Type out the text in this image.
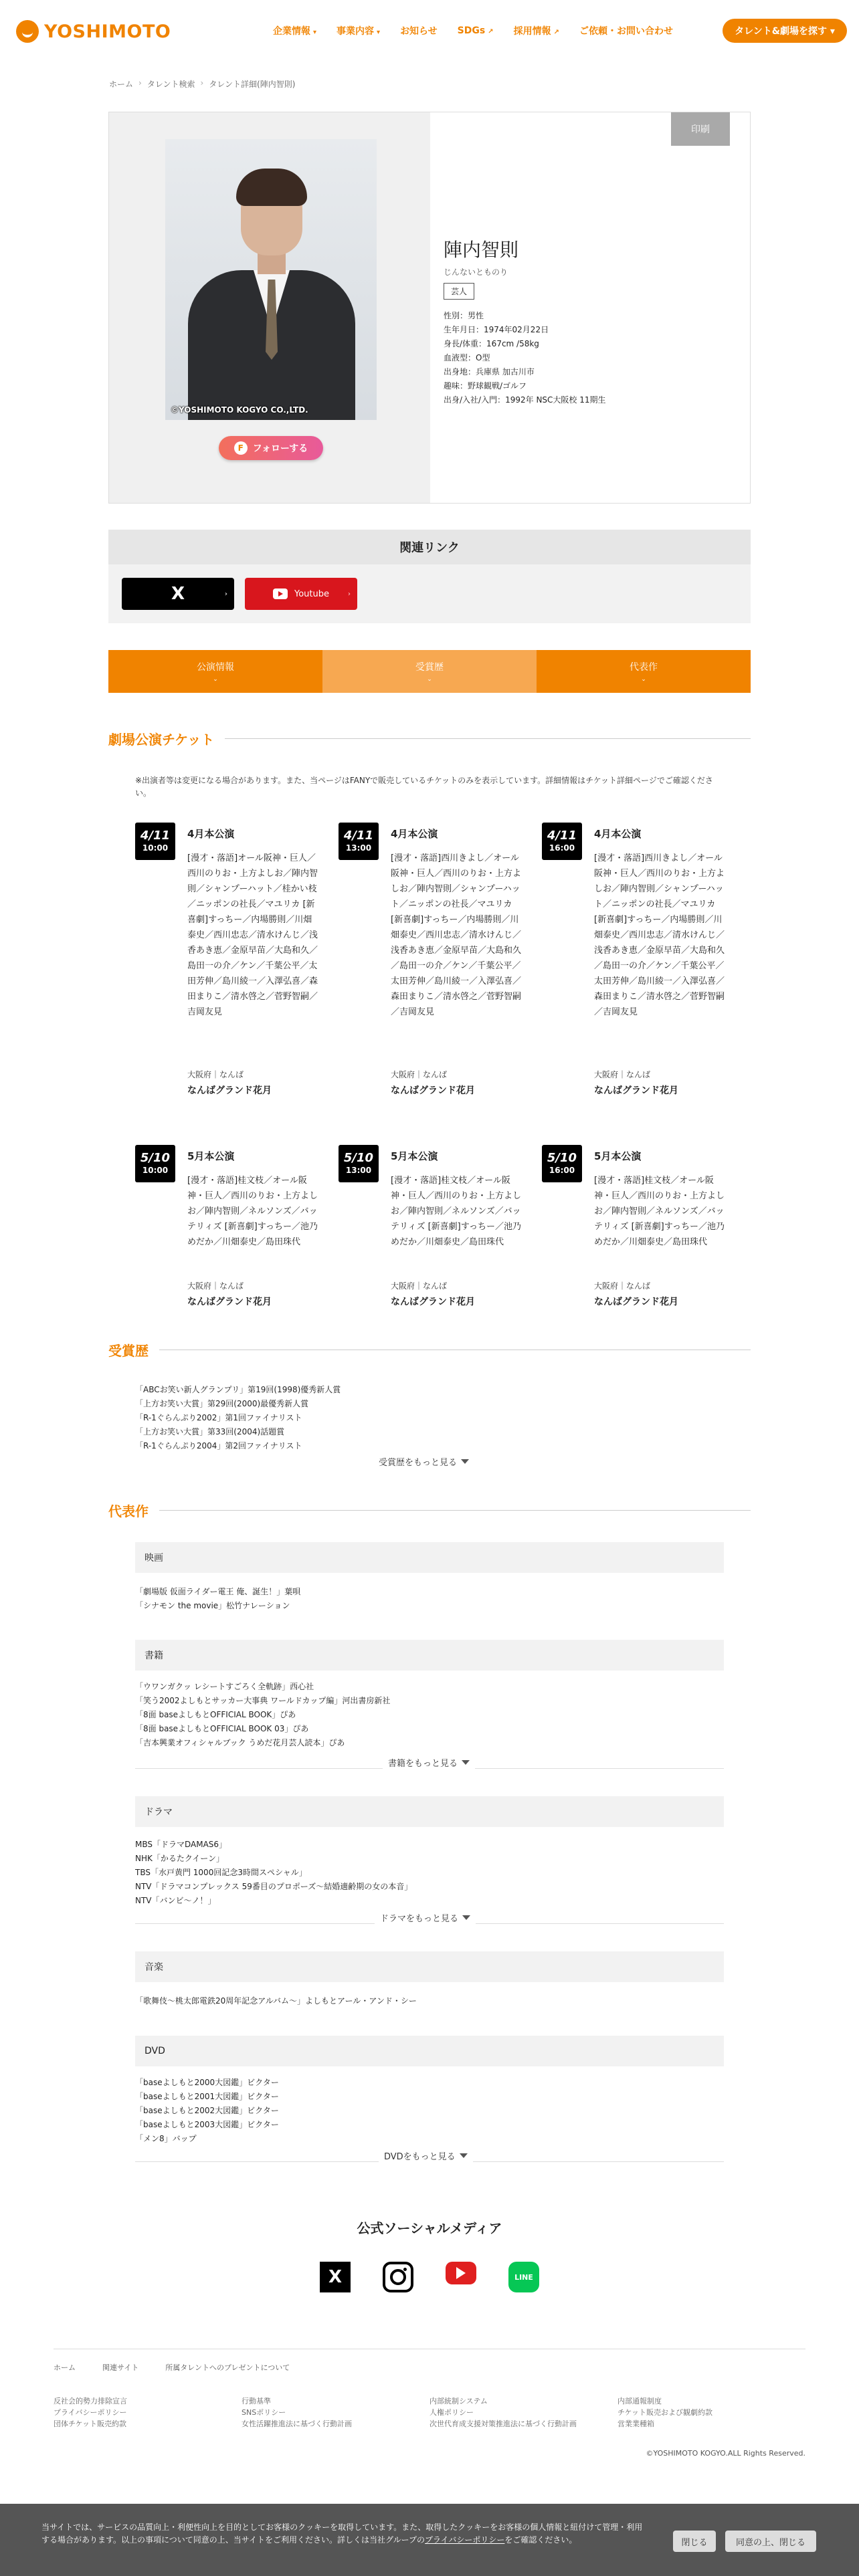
YOSHIMOTO	企業情報 ▾ 事業内容 ▾ お知らせ SDGs ↗ 採用情報 ↗ ご依頼・お問い合わせ	タレント&劇場を探す ▾
ホーム › タレント検索 › タレント詳細(陣内智則)
©YOSHIMOTO KOGYO CO.,LTD.
F フォローする
印刷
陣内智則
じんないとものり
芸人
性別：男性
生年月日：1974年02月22日
身長/体重：167cm /58kg
血液型：O型
出身地：兵庫県 加古川市
趣味：野球観戦/ゴルフ
出身/入社/入門：1992年 NSC大阪校 11期生
関連リンク
X	›	Youtube	›
公演情報
⌄
受賞歴
⌄
代表作
⌄
劇場公演チケット
※出演者等は変更になる場合があります。また、当ページはFANYで販売しているチケットのみを表示しています。詳細情報はチケット詳細ページでご確認ください。
4/11
10:00
4月本公演
[漫才・落語]オール阪神・巨人／西川のりお・上方よしお／陣内智則／シャンプーハット／桂かい枝／ニッポンの社長／マユリカ [新喜劇]すっちー／内場勝則／川畑泰史／西川忠志／清水けんじ／浅香あき恵／金原早苗／大島和久／島田一の介／ケン／千葉公平／太田芳伸／島川綾一／入澤弘喜／森田まりこ／清水啓之／菅野智嗣／吉岡友見
大阪府｜なんば
なんばグランド花月
4/11
13:00
4月本公演
[漫才・落語]西川きよし／オール阪神・巨人／西川のりお・上方よしお／陣内智則／シャンプーハット／ニッポンの社長／マユリカ [新喜劇]すっちー／内場勝則／川畑泰史／西川忠志／清水けんじ／浅香あき恵／金原早苗／大島和久／島田一の介／ケン／千葉公平／太田芳伸／島川綾一／入澤弘喜／森田まりこ／清水啓之／菅野智嗣／吉岡友見
大阪府｜なんば
なんばグランド花月
4/11
16:00
4月本公演
[漫才・落語]西川きよし／オール阪神・巨人／西川のりお・上方よしお／陣内智則／シャンプーハット／ニッポンの社長／マユリカ [新喜劇]すっちー／内場勝則／川畑泰史／西川忠志／清水けんじ／浅香あき恵／金原早苗／大島和久／島田一の介／ケン／千葉公平／太田芳伸／島川綾一／入澤弘喜／森田まりこ／清水啓之／菅野智嗣／吉岡友見
大阪府｜なんば
なんばグランド花月
5/10
10:00
5月本公演
[漫才・落語]桂文枝／オール阪神・巨人／西川のりお・上方よしお／陣内智則／ネルソンズ／バッテリィズ [新喜劇]すっちー／池乃めだか／川畑泰史／島田珠代
大阪府｜なんば
なんばグランド花月
5/10
13:00
5月本公演
[漫才・落語]桂文枝／オール阪神・巨人／西川のりお・上方よしお／陣内智則／ネルソンズ／バッテリィズ [新喜劇]すっちー／池乃めだか／川畑泰史／島田珠代
大阪府｜なんば
なんばグランド花月
5/10
16:00
5月本公演
[漫才・落語]桂文枝／オール阪神・巨人／西川のりお・上方よしお／陣内智則／ネルソンズ／バッテリィズ [新喜劇]すっちー／池乃めだか／川畑泰史／島田珠代
大阪府｜なんば
なんばグランド花月
受賞歴
「ABCお笑い新人グランプリ」第19回(1998)優秀新人賞
「上方お笑い大賞」第29回(2000)最優秀新人賞
「R-1ぐらんぷり2002」第1回ファイナリスト
「上方お笑い大賞」第33回(2004)話題賞
「R-1ぐらんぷり2004」第2回ファイナリスト
受賞歴をもっと見る
代表作
映画
「劇場版 仮面ライダー電王 俺、誕生！」葉唄
「シナモン the movie」松竹ナレーション
書籍
「ウワンガクッ レシートすごろく全軌跡」西心社
「笑う2002よしもとサッカー大事典 ワールドカップ編」河出書房新社
「8面 baseよしもとOFFICIAL BOOK」ぴあ
「8面 baseよしもとOFFICIAL BOOK 03」ぴあ
「吉本興業オフィシャルブック うめだ花月芸人読本」ぴあ
書籍をもっと見る
ドラマ
MBS「ドラマDAMAS6」
NHK「かるたクイーン」
TBS「水戸黄門 1000回記念3時間スペシャル」
NTV「ドラマコンプレックス 59番目のプロポーズ～結婚適齢期の女の本音」
NTV「バンビ～ノ！」
ドラマをもっと見る
音楽
「歌舞伎～桃太郎電鉄20周年記念アルバム～」よしもとアール・アンド・シー
DVD
「baseよしもと2000大図鑑」ビクター
「baseよしもと2001大図鑑」ビクター
「baseよしもと2002大図鑑」ビクター
「baseよしもと2003大図鑑」ビクター
「メン8」バップ
DVDをもっと見る
公式ソーシャルメディア
X	LINE
ホーム	関連サイト	所属タレントへのプレゼントについて
反社会的勢力排除宣言
プライバシーポリシー
団体チケット販売約款
行動基準
SNSポリシー
女性活躍推進法に基づく行動計画
内部統制システム
人権ポリシー
次世代育成支援対策推進法に基づく行動計画
内部通報制度
チケット販売および観劇約款
営業業種箱
©YOSHIMOTO KOGYO.ALL Rights Reserved.
当サイトでは、サービスの品質向上・利便性向上を目的としてお客様のクッキーを取得しています。また、取得したクッキーをお客様の個人情報と紐付けて管理・利用する場合があります。以上の事項について同意の上、当サイトをご利用ください。詳しくは当社グループのプライバシーポリシーをご確認ください。	閉じる	同意の上、閉じる
